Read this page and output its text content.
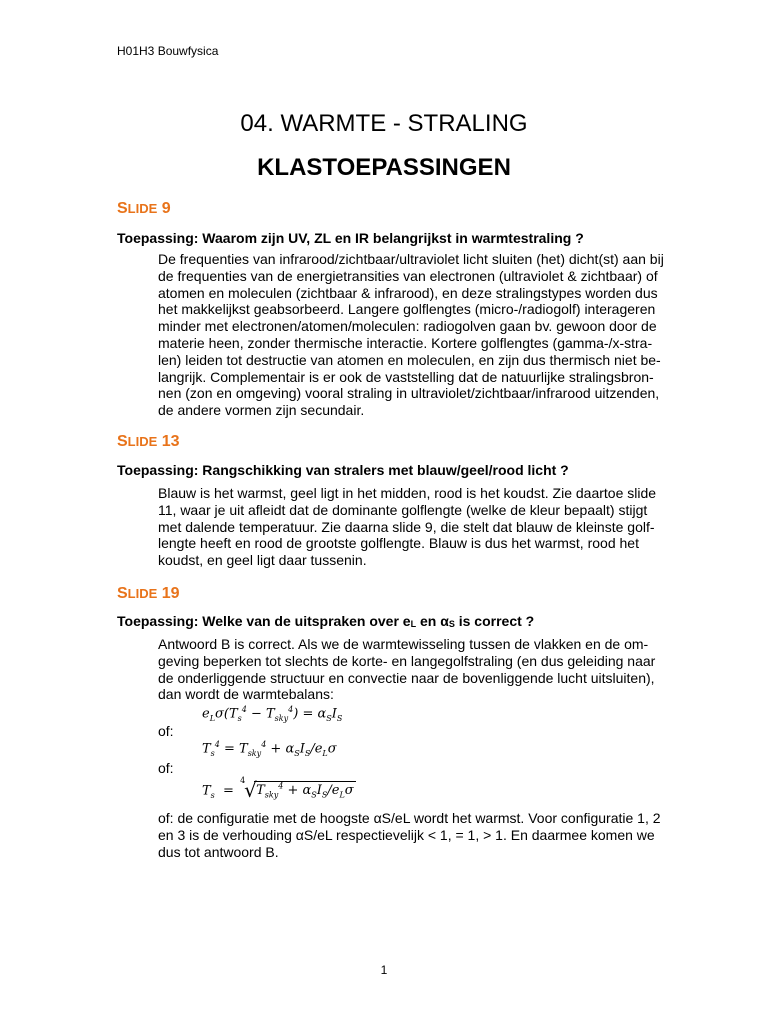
H01H3 Bouwfysica
04. WARMTE - STRALING
KLASTOEPASSINGEN
SLIDE 9
Toepassing: Waarom zijn UV, ZL en IR belangrijkst in warmtestraling ?
De frequenties van infrarood/zichtbaar/ultraviolet licht sluiten (het) dicht(st) aan bij
de frequenties van de energietransities van electronen (ultraviolet & zichtbaar) of
atomen en moleculen (zichtbaar & infrarood), en deze stralingstypes worden dus
het makkelijkst geabsorbeerd. Langere golflengtes (micro-/radiogolf) interageren
minder met electronen/atomen/moleculen: radiogolven gaan bv. gewoon door de
materie heen, zonder thermische interactie. Kortere golflengtes (gamma-/x-stra-
len) leiden tot destructie van atomen en moleculen, en zijn dus thermisch niet be-
langrijk. Complementair is er ook de vaststelling dat de natuurlijke stralingsbron-
nen (zon en omgeving) vooral straling in ultraviolet/zichtbaar/infrarood uitzenden,
de andere vormen zijn secundair.
SLIDE 13
Toepassing: Rangschikking van stralers met blauw/geel/rood licht ?
Blauw is het warmst, geel ligt in het midden, rood is het koudst. Zie daartoe slide
11, waar je uit afleidt dat de dominante golflengte (welke de kleur bepaalt) stijgt
met dalende temperatuur. Zie daarna slide 9, die stelt dat blauw de kleinste golf-
lengte heeft en rood de grootste golflengte. Blauw is dus het warmst, rood het
koudst, en geel ligt daar tussenin.
SLIDE 19
Toepassing: Welke van de uitspraken over $e_L$ en $\alpha_S$ is correct ?
Antwoord B is correct. Als we de warmtewisseling tussen de vlakken en de om-
geving beperken tot slechts de korte- en langegolfstraling (en dus geleiding naar
de onderliggende structuur en convectie naar de bovenliggende lucht uitsluiten),
dan wordt de warmtebalans:
$e_L\sigma(T_s^4 - T_{sky}^4) = \alpha_SI_S$
of:
$T_s^4 = T_{sky}^4 + \alpha_SI_S/e_L\sigma$
of:
$T_s$  =
4
√ $T_{sky}^4 + \alpha_SI_S/e_L\sigma$
of: de configuratie met de hoogste αS/eL wordt het warmst. Voor configuratie 1, 2
en 3 is de verhouding αS/eL respectievelijk < 1, = 1, > 1. En daarmee komen we
dus tot antwoord B.
1
